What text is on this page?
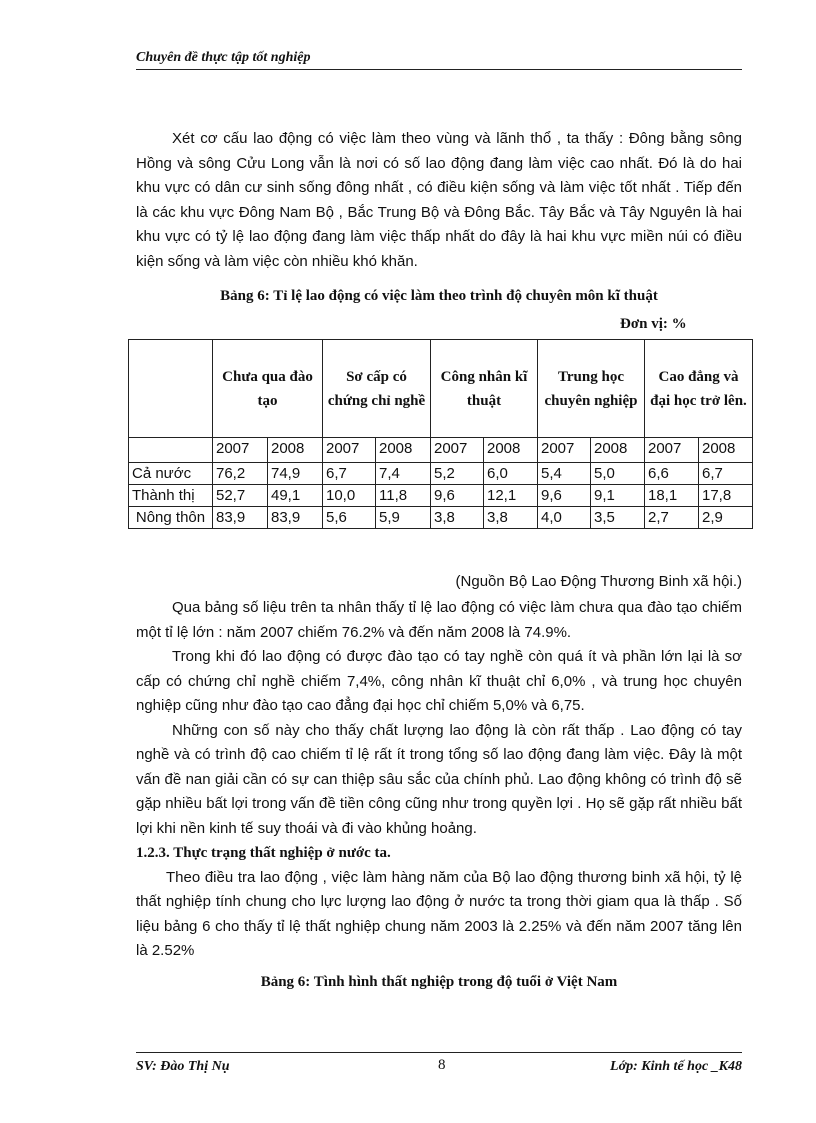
Chuyên đề thực tập tốt nghiệp

Xét cơ cấu lao động có việc làm theo vùng và lãnh thổ , ta thấy : Đông bằng sông Hồng và sông Cửu Long vẫn là nơi có số lao động đang làm việc cao nhất. Đó là do hai khu vực có dân cư sinh sống đông nhất , có điều kiện sống và làm việc tốt nhất . Tiếp đến là các khu vực Đông Nam Bộ , Bắc Trung Bộ và Đông Bắc. Tây Bắc và Tây Nguyên là hai khu vực có tỷ lệ lao động đang làm việc thấp nhất do đây là hai khu vực miền núi có điều kiện sống và làm việc còn nhiều khó khăn.

Bảng 6: Tỉ lệ lao động có việc làm theo trình độ chuyên môn kĩ thuật
Đơn vị: %
	Chưa qua đào tạo		Sơ cấp có chứng chỉ nghề		Công nhân kĩ thuật		Trung học chuyên nghiệp		Cao đẳng và đại học trở lên.	
	2007	2008	2007	2008	2007	2008	2007	2008	2007	2008
Cả nước	76,2	74,9	6,7	7,4	5,2	6,0	5,4	5,0	6,6	6,7
Thành thị	52,7	49,1	10,0	11,8	9,6	12,1	9,6	9,1	18,1	17,8
Nông thôn	83,9	83,9	5,6	5,9	3,8	3,8	4,0	3,5	2,7	2,9
(Nguồn Bộ Lao Động Thương Binh xã hội.)

Qua bảng số liệu trên ta nhân thấy tỉ lệ lao động có việc làm chưa qua đào tạo chiếm một tỉ lệ lớn : năm 2007 chiếm 76.2% và đến năm 2008 là 74.9%.

Trong khi đó lao động có được đào tạo có tay nghề còn quá ít và phần lớn lại là sơ cấp có chứng chỉ nghề chiếm 7,4%, công nhân kĩ thuật chỉ 6,0% , và trung học chuyên nghiệp cũng như đào tạo cao đẳng đại học chỉ chiếm 5,0% và 6,75.

Những con số này cho thấy chất lượng lao động là còn rất thấp . Lao động có tay nghề và có trình độ cao chiếm tỉ lệ rất ít trong tổng số lao động đang làm việc. Đây là một vấn đề nan giải cần có sự can thiệp sâu sắc của chính phủ. Lao động không có trình độ sẽ gặp nhiều bất lợi trong vấn đề tiền công cũng như trong quyền lợi . Họ sẽ gặp rất nhiều bất lợi khi nền kinh tế suy thoái và đi vào khủng hoảng.

1.2.3. Thực trạng thất nghiệp ở nước ta.

Theo điều tra lao động , việc làm hàng năm của Bộ lao động thương binh xã hội, tỷ lệ thất nghiệp tính chung cho lực lượng lao động ở nước ta trong thời giam qua là thấp . Số liệu bảng 6 cho thấy tỉ lệ thất nghiệp chung năm 2003 là 2.25% và đến năm 2007 tăng lên là 2.52%

Bảng 6: Tình hình thất nghiệp trong độ tuổi ở Việt Nam

SV: Đào Thị Nụ	8	Lớp: Kinh tế học _K48
